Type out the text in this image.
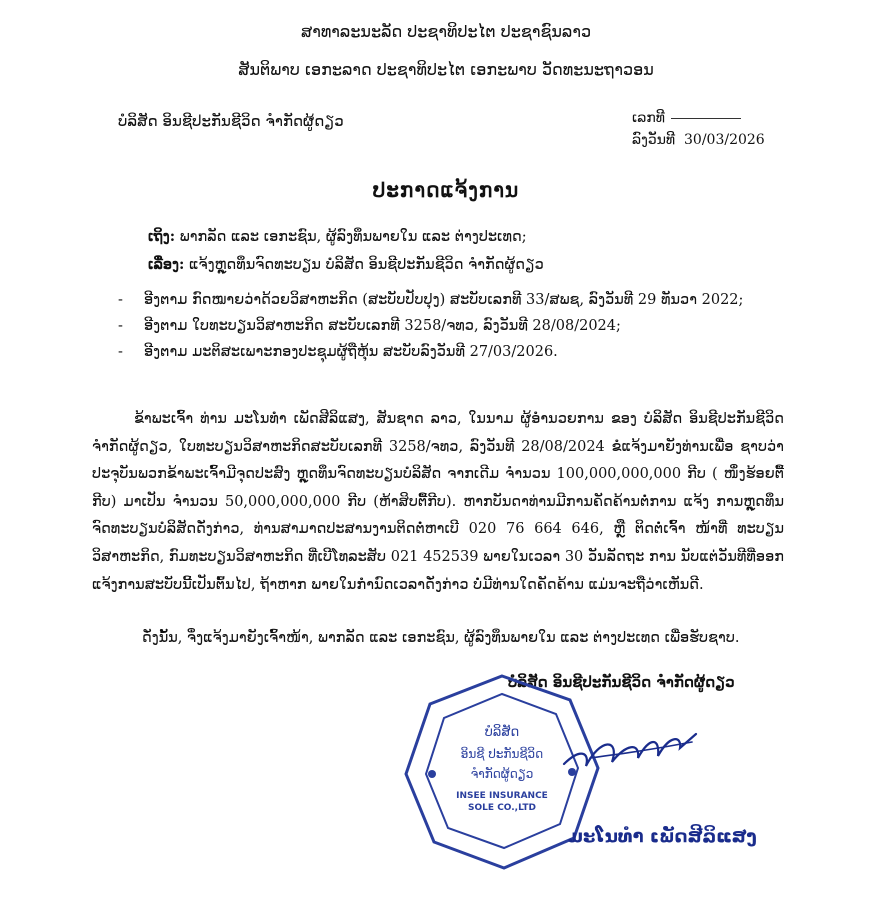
ສາທາລະນະລັດ ປະຊາທິປະໄຕ ປະຊາຊົນລາວ
ສັນຕິພາບ ເອກະລາດ ປະຊາທິປະໄຕ ເອກະພາບ ວັດທະນະຖາວອນ
ບໍລິສັດ ອິນຊີປະກັນຊີວິດ ຈຳກັດຜູ້ດຽວ	ເລກທີ
ລົງວັນທີ 30/03/2026
ປະກາດແຈ້ງການ
ເຖິງ: ພາກລັດ ແລະ ເອກະຊົນ, ຜູ້ລົງທຶນພາຍໃນ ແລະ ຕ່າງປະເທດ;
ເລື່ອງ: ແຈ້ງຫຼຸດທຶນຈົດທະບຽນ ບໍລິສັດ ອິນຊີປະກັນຊີວິດ ຈຳກັດຜູ້ດຽວ
-	ອີງຕາມ ກົດໝາຍວ່າດ້ວຍວິສາຫະກິດ (ສະບັບປັບປຸງ) ສະບັບເລກທີ 33/ສພຊ, ລົງວັນທີ 29 ທັນວາ 2022;
-	ອີງຕາມ ໃບທະບຽນວິສາຫະກິດ ສະບັບເລກທີ 3258/ຈທວ, ລົງວັນທີ 28/08/2024;
-	ອີງຕາມ ມະຕິສະເພາະກອງປະຊຸມຜູ້ຖືຫຸ້ນ ສະບັບລົງວັນທີ 27/03/2026.
ຂ້າພະເຈົ້າ ທ່ານ ມະໂນທຳ ເພັດສີລິແສງ, ສັນຊາດ ລາວ, ໃນນາມ ຜູ້ອຳນວຍການ ຂອງ ບໍລິສັດ ອິນຊີປະກັນຊີວິດ ຈຳກັດຜູ້ດຽວ, ໃບທະບຽນວິສາຫະກິດສະບັບເລກທີ 3258/ຈທວ, ລົງວັນທີ 28/08/2024 ຂໍແຈ້ງມາຍັງທ່ານເພື່ອ ຊາບວ່າ ປະຈຸບັນພວກຂ້າພະເຈົ້າມີຈຸດປະສົງ ຫຼຸດທຶນຈົດທະບຽນບໍລິສັດ ຈາກເດີມ ຈຳນວນ 100,000,000,000 ກີບ ( ໜຶ່ງຮ້ອຍຕື້ກີບ) ມາເປັນ ຈຳນວນ 50,000,000,000 ກີບ (ຫ້າສິບຕື້ກີບ). ຫາກບັນດາທ່ານມີການຄັດຄ້ານຕໍ່ການ ແຈ້ງ ການຫຼຸດທຶນຈົດທະບຽນບໍລິສັດດັ່ງກ່າວ, ທ່ານສາມາດປະສານງານຕິດຕໍ່ຫາເບີ 020 76 664 646, ຫຼື ຕິດຕໍ່ເຈົ້າ ໜ້າທີ່ ທະບຽນວິສາຫະກິດ, ກົມທະບຽນວິສາຫະກິດ ທີ່ເບີໂທລະສັບ 021 452539 ພາຍໃນເວລາ 30 ວັນລັດຖະ ການ ນັບແຕ່ວັນທີທີ່ອອກແຈ້ງການສະບັບນີ້ເປັນຕົ້ນໄປ, ຖ້າຫາກ ພາຍໃນກຳນົດເວລາດັ່ງກ່າວ ບໍ່ມີທ່ານໃດຄັດຄ້ານ ແມ່ນຈະຖືວ່າເຫັນດີ.
ດັ່ງນັ້ນ, ຈຶ່ງແຈ້ງມາຍັງເຈົ້າໜ້າ, ພາກລັດ ແລະ ເອກະຊົນ, ຜູ້ລົງທຶນພາຍໃນ ແລະ ຕ່າງປະເທດ ເພື່ອຮັບຊາບ.
ບໍລິສັດ ອິນຊີປະກັນຊີວິດ ຈຳກັດຜູ້ດຽວ
ບໍລິສັດ
ອິນຊີ ປະກັນຊີວິດ
ຈຳກັດຜູ້ດຽວ
INSEE INSURANCE
SOLE CO.,LTD
ມະໂນທຳ ເພັດສີລິແສງ
